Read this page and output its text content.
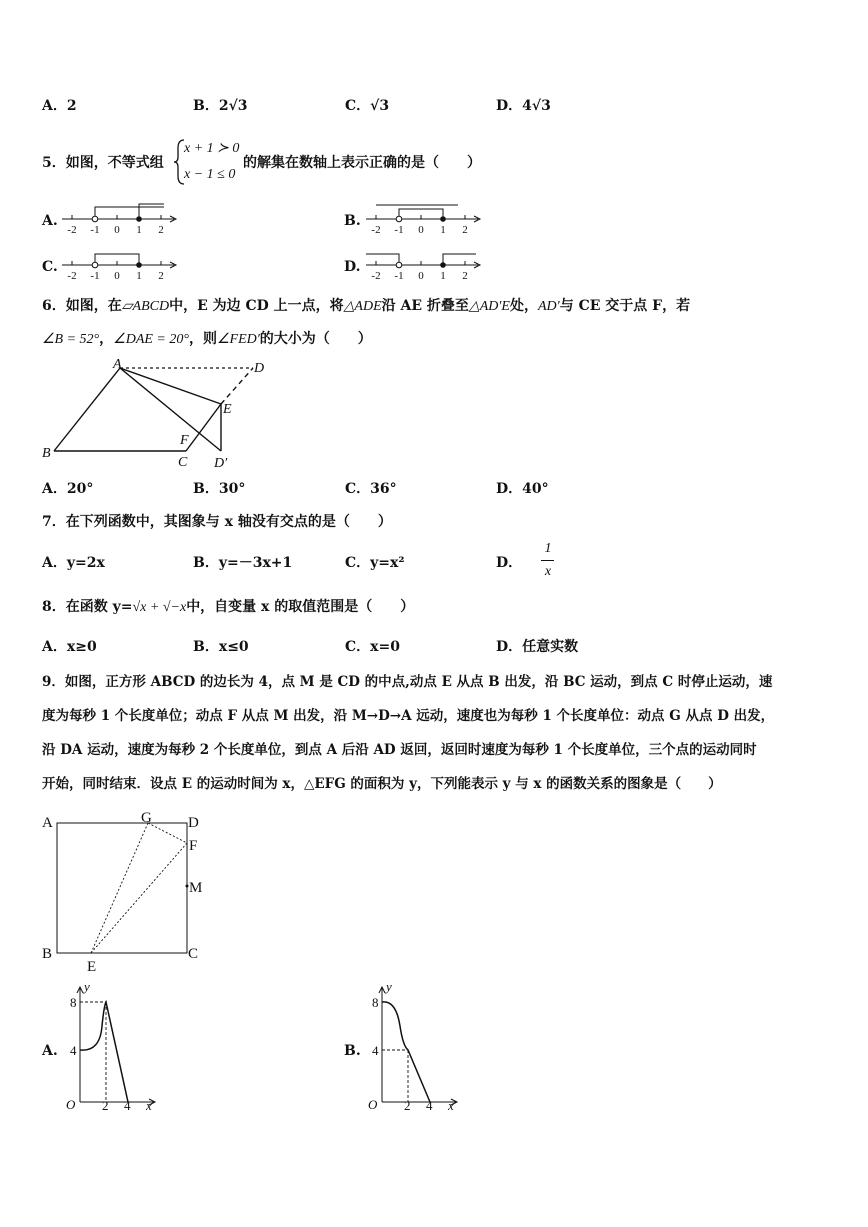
A．2	B．2√3	C．√3	D．4√3
5．如图，不等式组
x + 1 ≻ 0
x − 1 ≤ 0
的解集在数轴上表示正确的是（　　）
A.	B.
C.	D.
-2 -1 0 1 2	-2 -1 0 1 2
-2 -1 0 1 2	-2 -1 0 1 2
6．如图，在▱ABCD中，E 为边 CD 上一点，将△ADE沿 AE 折叠至△AD′E处，AD′与 CE 交于点 F，若
∠B = 52°，∠DAE = 20°，则∠FED′的大小为（　　）
A
B
C
D
E
F
D′
A．20°	B．30°	C．36°	D．40°
7．在下列函数中，其图象与 x 轴没有交点的是（　　）
A．y=2x	B．y=－3x+1	C．y=x²	D．
1
x
8．在函数 y=√x + √−x中，自变量 x 的取值范围是（　　）
A．x≥0	B．x≤0	C．x=0	D．任意实数
9．如图，正方形 ABCD 的边长为 4，点 M 是 CD 的中点,动点 E 从点 B 出发，沿 BC 运动，到点 C 时停止运动，速
度为每秒 1 个长度单位；动点 F 从点 M 出发，沿 M→D→A 远动，速度也为每秒 1 个长度单位：动点 G 从点 D 出发，
沿 DA 运动，速度为每秒 2 个长度单位，到点 A 后沿 AD 返回，返回时速度为每秒 1 个长度单位，三个点的运动同时
开始，同时结束．设点 E 的运动时间为 x，△EFG 的面积为 y，下列能表示 y 与 x 的函数关系的图象是（　　）
A
B	C
D
G
F
M
E
A.
y
x
O
8
4
2 4
B.
y
x
O
8
4
2 4
